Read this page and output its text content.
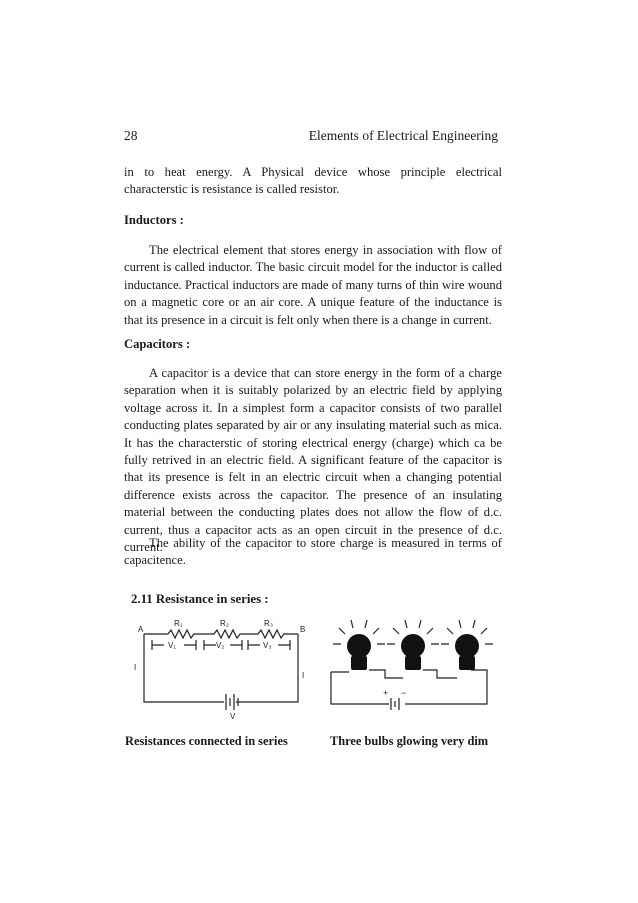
28	Elements of Electrical Engineering
in to heat energy. A Physical device whose principle electrical characterstic is resistance is called resistor.
Inductors :
The electrical element that stores energy in association with flow of current is called inductor. The basic circuit model for the inductor is called inductance. Practical inductors are made of many turns of thin wire wound on a magnetic core or an air core. A unique feature of the inductance is that its presence in a circuit is felt only when there is a change in current.
Capacitors :
A capacitor is a device that can store energy in the form of a charge separation when it is suitably polarized by an electric field by applying voltage across it. In a simplest form a capacitor consists of two parallel conducting plates separated by air or any insulating material such as mica. It has the characterstic of storing electrical energy (charge) which ca be fully retrived in an electric field. A significant feature of the capacitor is that its presence is felt in an electric circuit when a changing potential difference exists across the capacitor. The presence of an insulating material between the conducting plates does not allow the flow of d.c. current, thus a capacitor acts as an open circuit in the presence of d.c. current.
The ability of the capacitor to store charge is measured in terms of capacitence.
2.11 Resistance in series :
A	B
R₁	R₂	R₃
V₁	V₂	V₃
I
I
V
+ −
Resistances connected in series	Three bulbs glowing very dim
